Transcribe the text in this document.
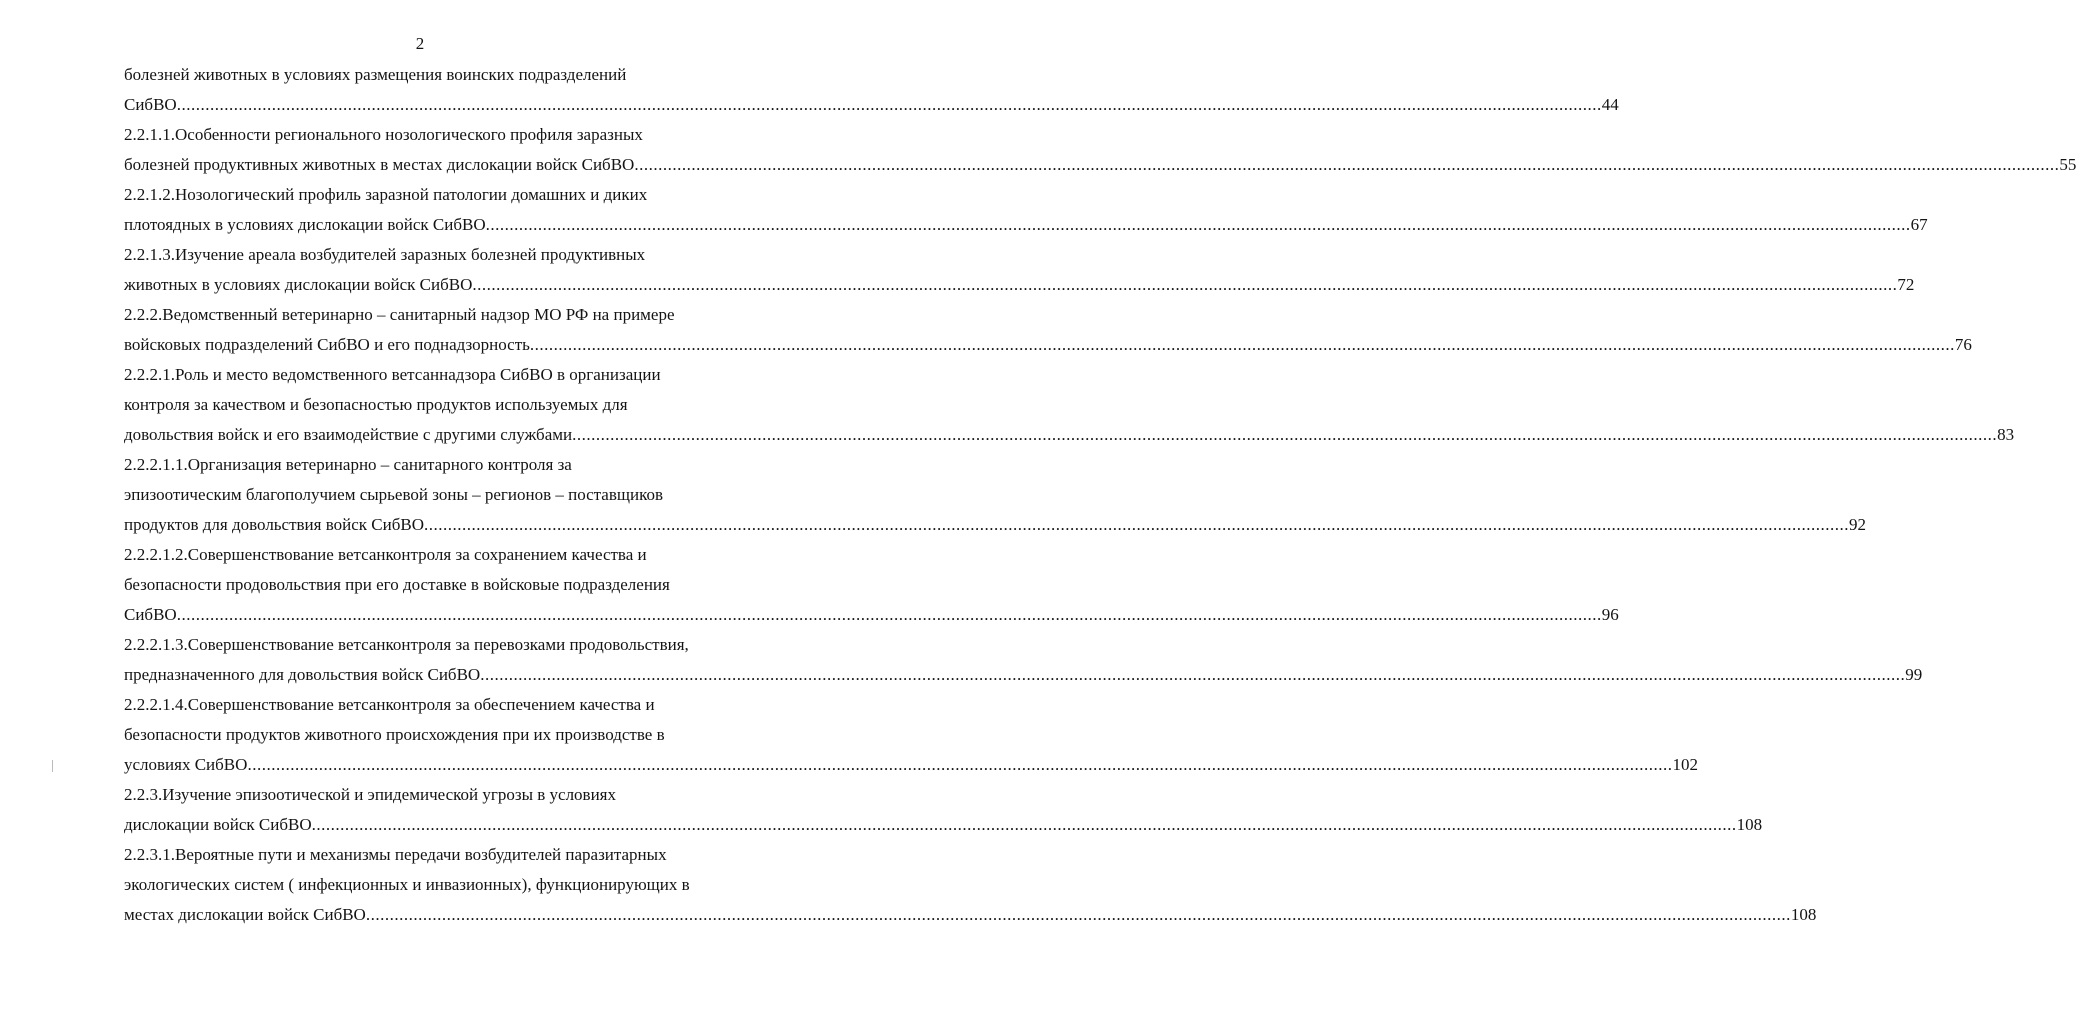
2
болезней животных в условиях размещения воинских подразделений
СибВО ............................................................................................................................................................................................................................................................................................................ 44
2.2.1.1.Особенности регионального нозологического профиля заразных
болезней продуктивных животных в местах дислокации войск СибВО ............................................................................................................................................................................................................................................................................................................ 55
2.2.1.2.Нозологический профиль заразной патологии домашних и диких
плотоядных в условиях дислокации войск СибВО ............................................................................................................................................................................................................................................................................................................ 67
2.2.1.3.Изучение ареала возбудителей заразных болезней продуктивных
животных в условиях дислокации войск СибВО ............................................................................................................................................................................................................................................................................................................ 72
2.2.2.Ведомственный ветеринарно – санитарный надзор МО РФ на примере
войсковых подразделений СибВО и его поднадзорность ............................................................................................................................................................................................................................................................................................................ 76
2.2.2.1.Роль и место ведомственного ветсаннадзора СибВО в организации
контроля за качеством и безопасностью продуктов используемых для
довольствия войск и его взаимодействие с другими службами ............................................................................................................................................................................................................................................................................................................ 83
2.2.2.1.1.Организация ветеринарно – санитарного контроля за
эпизоотическим благополучием сырьевой зоны – регионов – поставщиков
продуктов для довольствия войск СибВО ............................................................................................................................................................................................................................................................................................................ 92
2.2.2.1.2.Совершенствование ветсанконтроля за сохранением качества и
безопасности продовольствия при его доставке в войсковые подразделения
СибВО ............................................................................................................................................................................................................................................................................................................ 96
2.2.2.1.3.Совершенствование ветсанконтроля за перевозками продовольствия,
предназначенного для довольствия войск СибВО ............................................................................................................................................................................................................................................................................................................ 99
2.2.2.1.4.Совершенствование ветсанконтроля за обеспечением качества и
безопасности продуктов животного происхождения при их производстве в
условиях СибВО ............................................................................................................................................................................................................................................................................................................ 102
2.2.3.Изучение эпизоотической и эпидемической угрозы в условиях
дислокации войск СибВО ............................................................................................................................................................................................................................................................................................................ 108
2.2.3.1.Вероятные пути и механизмы передачи возбудителей паразитарных
экологических систем ( инфекционных и инвазионных), функционирующих в
местах дислокации войск СибВО ............................................................................................................................................................................................................................................................................................................ 108
